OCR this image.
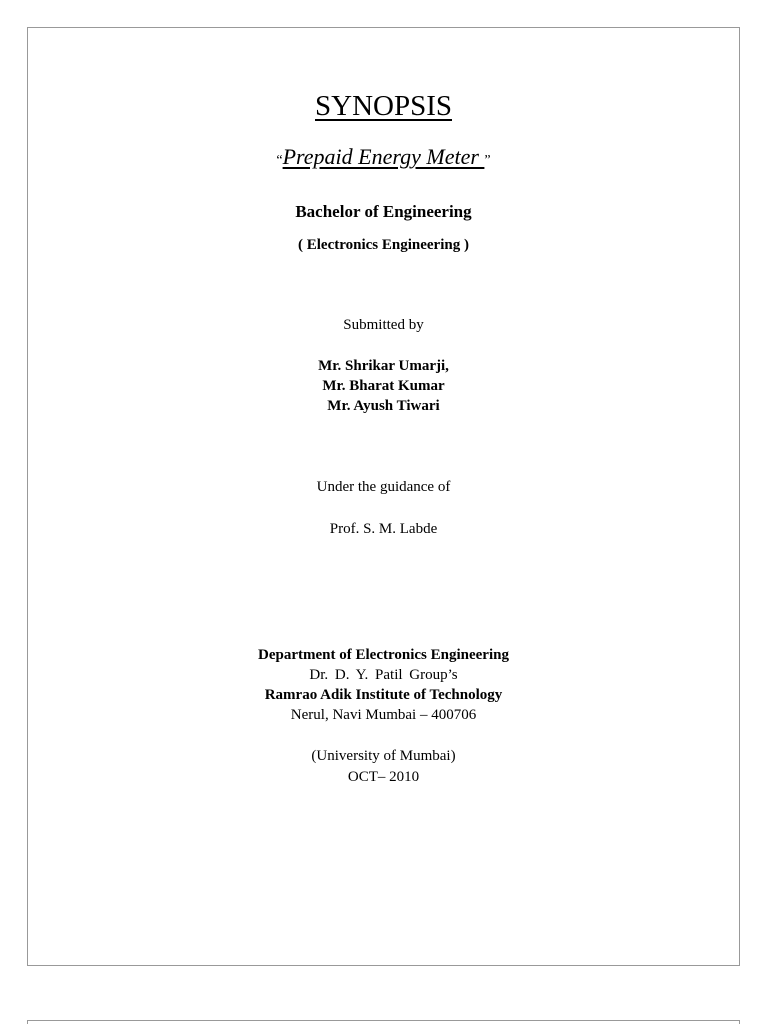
SYNOPSIS
“Prepaid Energy Meter ”
Bachelor of Engineering
( Electronics Engineering )
Submitted by
Mr. Shrikar Umarji,
Mr. Bharat Kumar
Mr. Ayush Tiwari
Under the guidance of
Prof. S. M. Labde
Department of Electronics Engineering
Dr. D. Y. Patil Group’s
Ramrao Adik Institute of Technology
Nerul, Navi Mumbai – 400706
(University of Mumbai)
OCT– 2010
